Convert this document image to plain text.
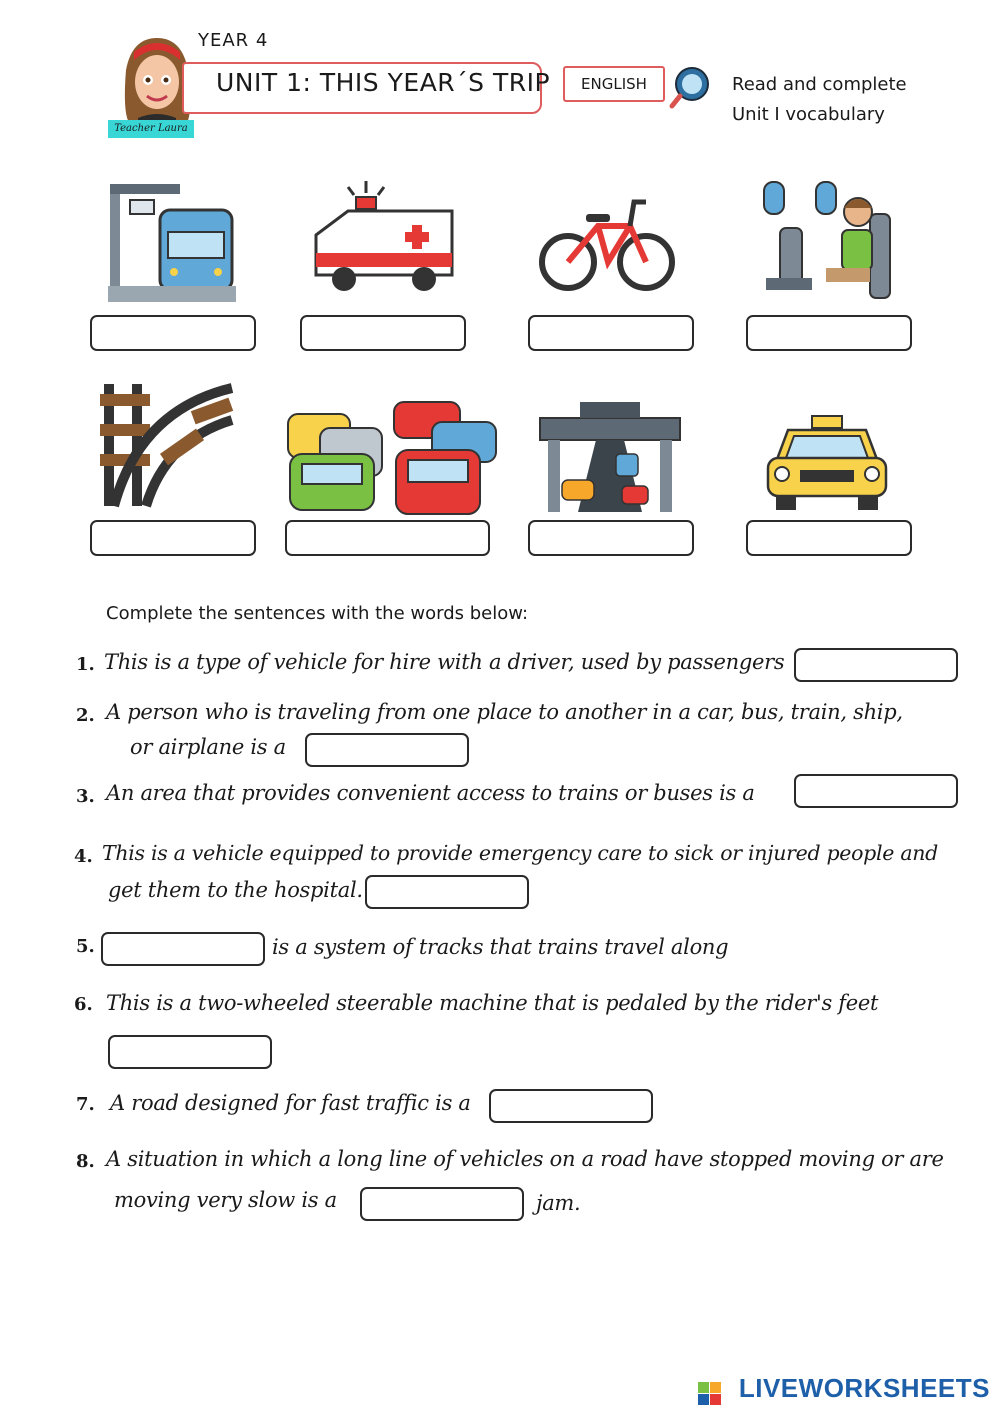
YEAR 4
Teacher Laura
UNIT 1: THIS YEAR´S TRIP	ENGLISH	Read and complete
Unit I vocabulary
Complete the sentences with the words below:
1. This is a type of vehicle for hire with a driver, used by passengers
2. A person who is traveling from one place to another in a car, bus, train, ship,
or airplane is a
3. An area that provides convenient access to trains or buses is a
4. This is a vehicle equipped to provide emergency care to sick or injured people and
get them to the hospital.
5.	is a system of tracks that trains travel along
6. This is a two-wheeled steerable machine that is pedaled by the rider's feet
7. A road designed for fast traffic is a
8. A situation in which a long line of vehicles on a road have stopped moving or are
moving very slow is a	jam.
LIVEWORKSHEETS
